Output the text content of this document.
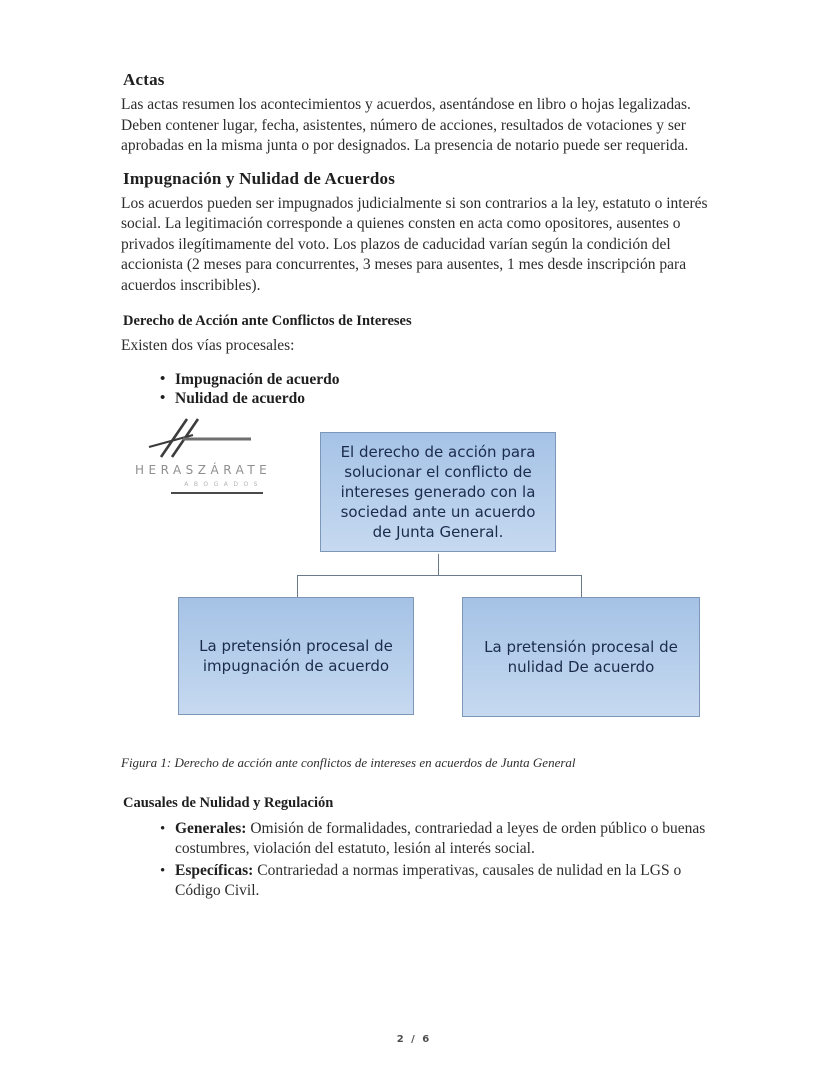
Actas

Las actas resumen los acontecimientos y acuerdos, asentándose en libro o hojas legalizadas. Deben contener lugar, fecha, asistentes, número de acciones, resultados de votaciones y ser aprobadas en la misma junta o por designados. La presencia de notario puede ser requerida.

Impugnación y Nulidad de Acuerdos

Los acuerdos pueden ser impugnados judicialmente si son contrarios a la ley, estatuto o interés social. La legitimación corresponde a quienes consten en acta como opositores, ausentes o privados ilegítimamente del voto. Los plazos de caducidad varían según la condición del accionista (2 meses para concurrentes, 3 meses para ausentes, 1 mes desde inscripción para acuerdos inscribibles).

Derecho de Acción ante Conflictos de Intereses

Existen dos vías procesales:

• Impugnación de acuerdo
• Nulidad de acuerdo
HERASZÁRATE
ABOGADOS
El derecho de acción para solucionar el conflicto de intereses generado con la sociedad ante un acuerdo de Junta General.
La pretensión procesal de impugnación de acuerdo
La pretensión procesal de nulidad De acuerdo
Figura 1: Derecho de acción ante conflictos de intereses en acuerdos de Junta General
Causales de Nulidad y Regulación
• Generales: Omisión de formalidades, contrariedad a leyes de orden público o buenas costumbres, violación del estatuto, lesión al interés social.
• Específicas: Contrariedad a normas imperativas, causales de nulidad en la LGS o Código Civil.
2 / 6
